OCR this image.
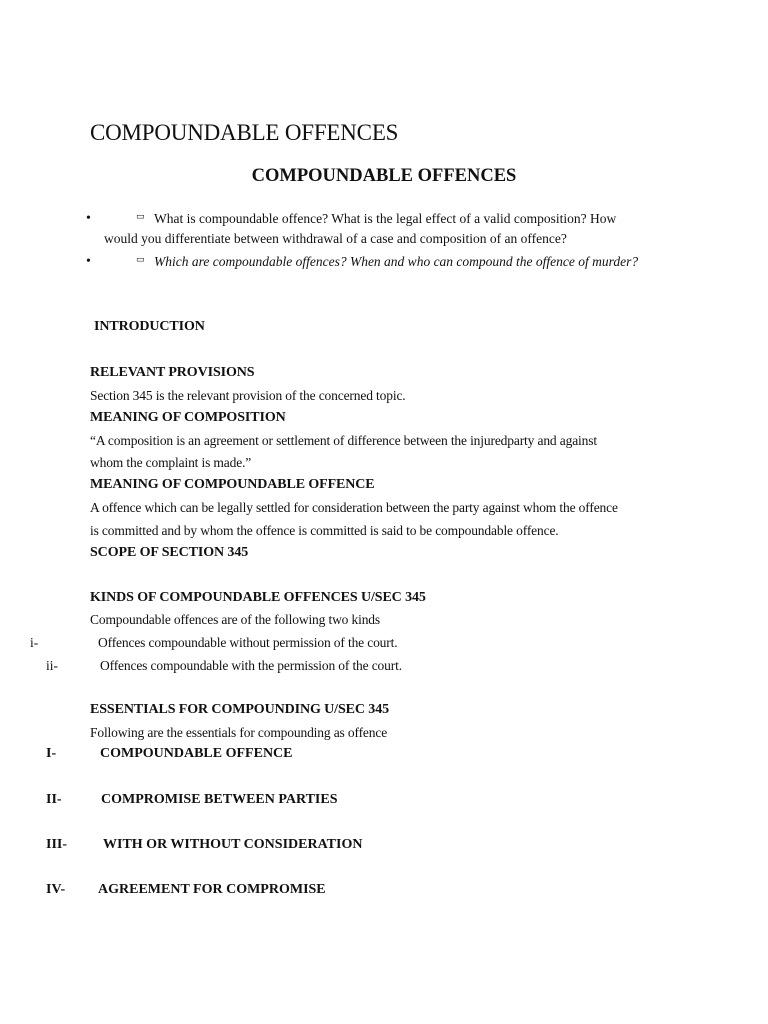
COMPOUNDABLE OFFENCES
COMPOUNDABLE OFFENCES
•	▭ What is compoundable offence? What is the legal effect of a valid composition? How
would you differentiate between withdrawal of a case and composition of an offence?
•	▭ Which are compoundable offences? When and who can compound the offence of murder?
INTRODUCTION
RELEVANT PROVISIONS
Section 345 is the relevant provision of the concerned topic.
MEANING OF COMPOSITION
“A composition is an agreement or settlement of difference between the injuredparty and against
whom the complaint is made.”
MEANING OF COMPOUNDABLE OFFENCE
A offence which can be legally settled for consideration between the party against whom the offence
is committed and by whom the offence is committed is said to be compoundable offence.
SCOPE OF SECTION 345
KINDS OF COMPOUNDABLE OFFENCES U/SEC 345
Compoundable offences are of the following two kinds
i-	Offences compoundable without permission of the court.
ii-	Offences compoundable with the permission of the court.
ESSENTIALS FOR COMPOUNDING U/SEC 345
Following are the essentials for compounding as offence
I-	COMPOUNDABLE OFFENCE
II-	COMPROMISE BETWEEN PARTIES
III-	WITH OR WITHOUT CONSIDERATION
IV- AGREEMENT FOR COMPROMISE
